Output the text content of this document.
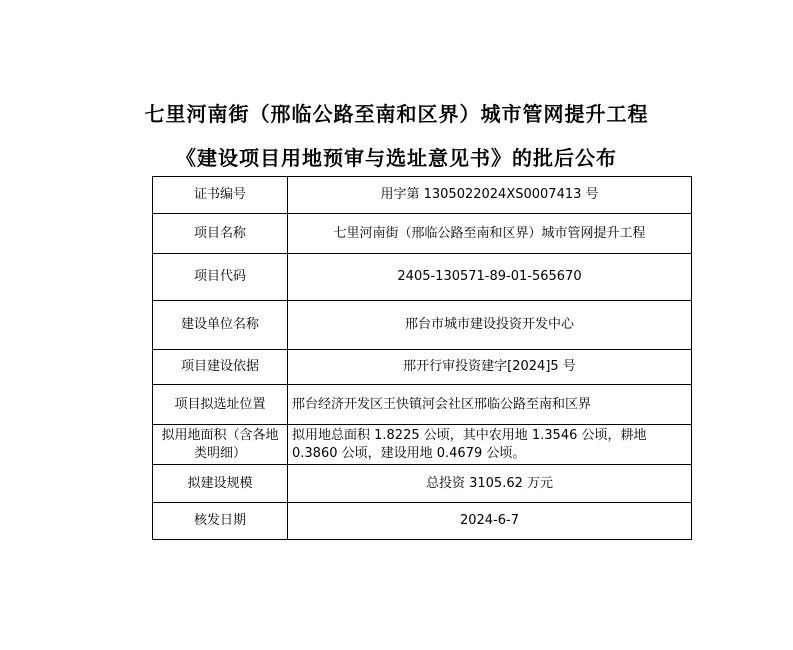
七里河南街（邢临公路至南和区界）城市管网提升工程
《建设项目用地预审与选址意见书》的批后公布
证书编号	用字第 1305022024XS0007413 号
项目名称	七里河南街（邢临公路至南和区界）城市管网提升工程
项目代码	2405-130571-89-01-565670
建设单位名称	邢台市城市建设投资开发中心
项目建设依据	邢开行审投资建字[2024]5 号
项目拟选址位置	邢台经济开发区王快镇河会社区邢临公路至南和区界
拟用地面积（含各地类明细）	拟用地总面积 1.8225 公顷，其中农用地 1.3546 公顷，耕地 0.3860 公顷，建设用地 0.4679 公顷。
拟建设规模	总投资 3105.62 万元
核发日期	2024-6-7
